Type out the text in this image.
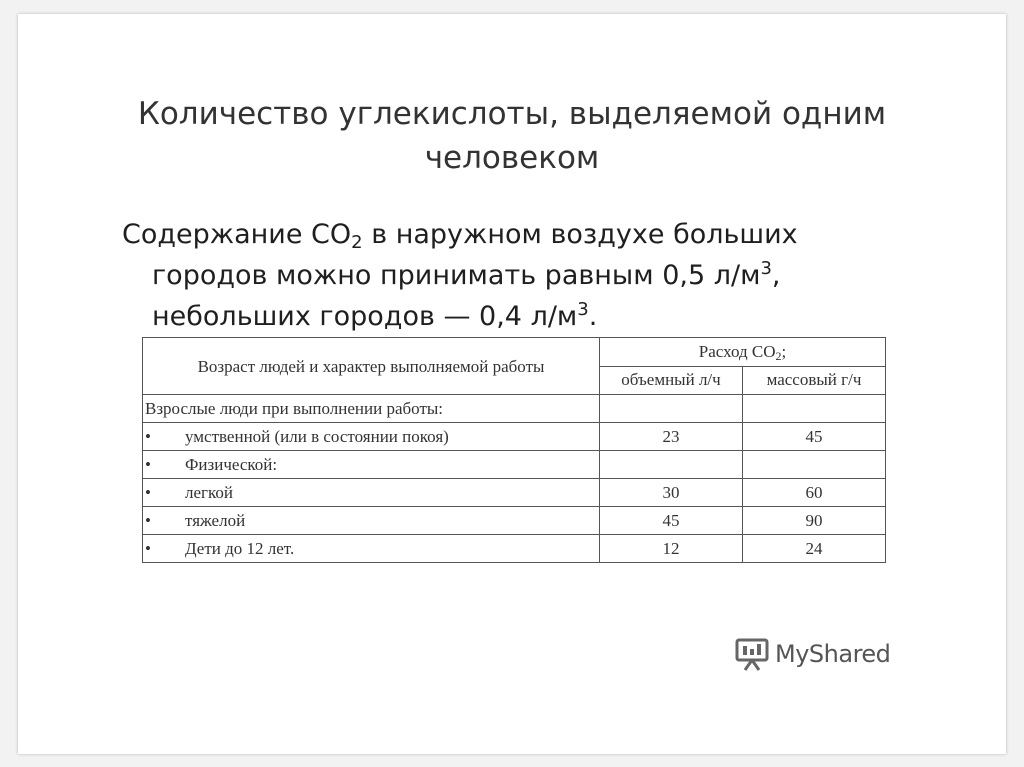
Количество углекислоты, выделяемой одним
человеком
Содержание $СО_2$ в наружном воздухе больших
городов можно принимать равным 0,5 $л/м^3$,
небольших городов — 0,4 $л/м^3$.
Возраст людей и характер выполняемой работы	Расход $СО_2$;	
	объемный л/ч	массовый г/ч
Взрослые люди при выполнении работы:		
• умственной (или в состоянии покоя)	23	45
• Физической:		
• легкой	30	60
• тяжелой	45	90
• Дети до 12 лет.	12	24
MyShared
